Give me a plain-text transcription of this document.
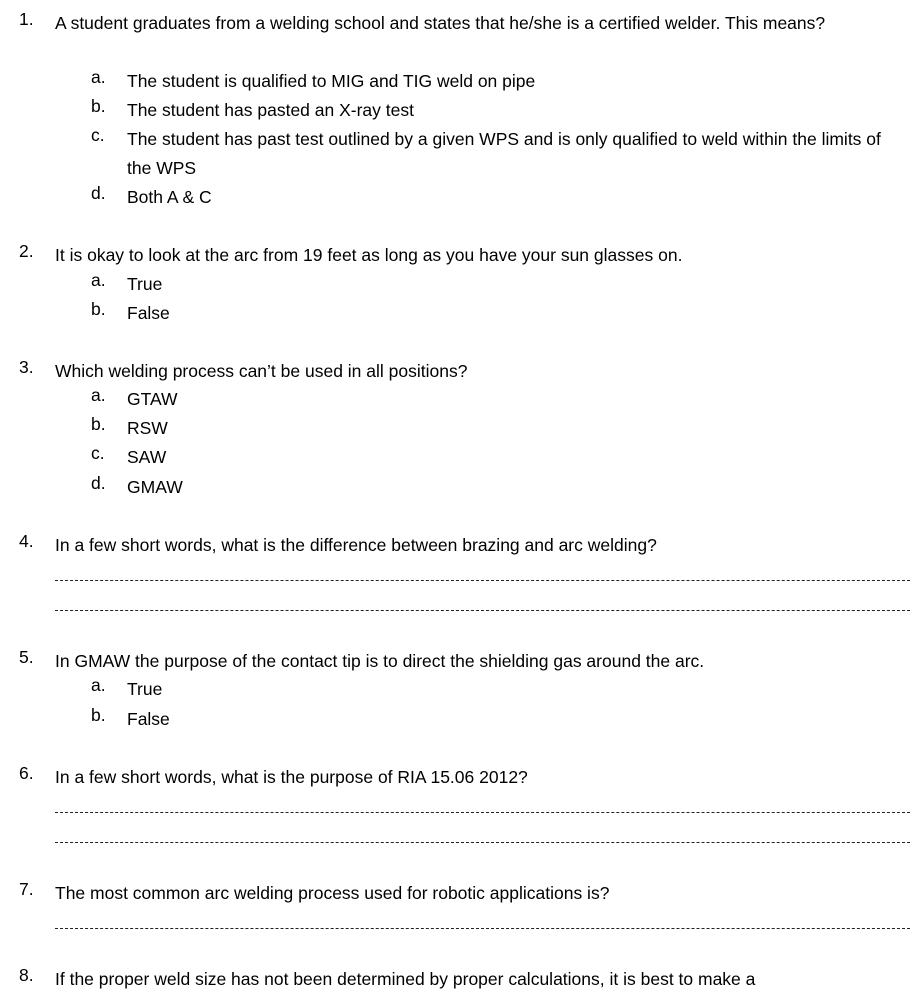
1. A student graduates from a welding school and states that he/she is a certified welder. This means?
a. The student is qualified to MIG and TIG weld on pipe
b. The student has pasted an X-ray test
c. The student has past test outlined by a given WPS and is only qualified to weld within the limits of the WPS
d. Both A & C
2. It is okay to look at the arc from 19 feet as long as you have your sun glasses on.
a. True
b. False
3. Which welding process can’t be used in all positions?
a. GTAW
b. RSW
c. SAW
d. GMAW
4. In a few short words, what is the difference between brazing and arc welding?
5. In GMAW the purpose of the contact tip is to direct the shielding gas around the arc.
a. True
b. False
6. In a few short words, what is the purpose of RIA 15.06 2012?
7. The most common arc welding process used for robotic applications is?
8. If the proper weld size has not been determined by proper calculations, it is best to make a
